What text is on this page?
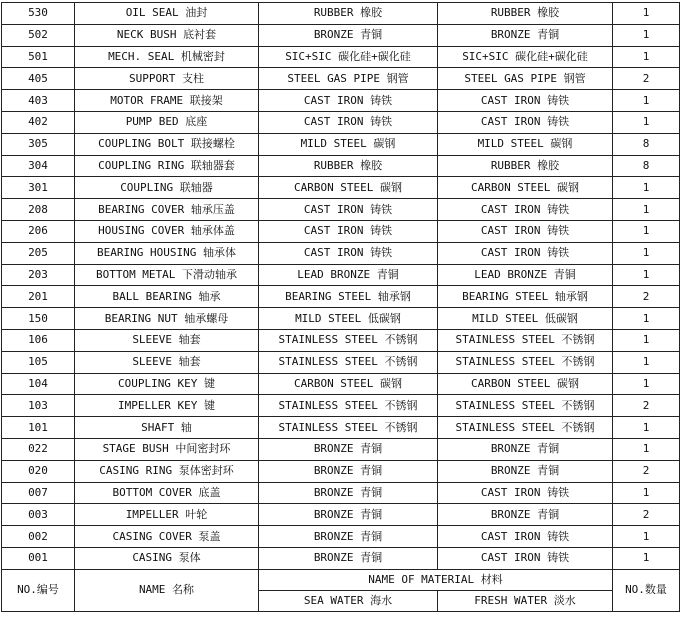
530	OIL SEAL 油封	RUBBER 橡胶	RUBBER 橡胶	1
502	NECK BUSH 底衬套	BRONZE 青铜	BRONZE 青铜	1
501	MECH. SEAL 机械密封	SIC+SIC 碳化硅+碳化硅	SIC+SIC 碳化硅+碳化硅	1
405	SUPPORT 支柱	STEEL GAS PIPE 钢管	STEEL GAS PIPE 钢管	2
403	MOTOR FRAME 联接架	CAST IRON 铸铁	CAST IRON 铸铁	1
402	PUMP BED 底座	CAST IRON 铸铁	CAST IRON 铸铁	1
305	COUPLING BOLT 联接螺栓	MILD STEEL 碳钢	MILD STEEL 碳钢	8
304	COUPLING RING 联轴器套	RUBBER 橡胶	RUBBER 橡胶	8
301	COUPLING 联轴器	CARBON STEEL 碳钢	CARBON STEEL 碳钢	1
208	BEARING COVER 轴承压盖	CAST IRON 铸铁	CAST IRON 铸铁	1
206	HOUSING COVER 轴承体盖	CAST IRON 铸铁	CAST IRON 铸铁	1
205	BEARING HOUSING 轴承体	CAST IRON 铸铁	CAST IRON 铸铁	1
203	BOTTOM METAL 下滑动轴承	LEAD BRONZE 青铜	LEAD BRONZE 青铜	1
201	BALL BEARING 轴承	BEARING STEEL 轴承钢	BEARING STEEL 轴承钢	2
150	BEARING NUT 轴承螺母	MILD STEEL 低碳钢	MILD STEEL 低碳钢	1
106	SLEEVE 轴套	STAINLESS STEEL 不锈钢	STAINLESS STEEL 不锈钢	1
105	SLEEVE 轴套	STAINLESS STEEL 不锈钢	STAINLESS STEEL 不锈钢	1
104	COUPLING KEY 键	CARBON STEEL 碳钢	CARBON STEEL 碳钢	1
103	IMPELLER KEY 键	STAINLESS STEEL 不锈钢	STAINLESS STEEL 不锈钢	2
101	SHAFT 轴	STAINLESS STEEL 不锈钢	STAINLESS STEEL 不锈钢	1
022	STAGE BUSH 中间密封环	BRONZE 青铜	BRONZE 青铜	1
020	CASING RING 泵体密封环	BRONZE 青铜	BRONZE 青铜	2
007	BOTTOM COVER 底盖	BRONZE 青铜	CAST IRON 铸铁	1
003	IMPELLER 叶轮	BRONZE 青铜	BRONZE 青铜	2
002	CASING COVER 泵盖	BRONZE 青铜	CAST IRON 铸铁	1
001	CASING 泵体	BRONZE 青铜	CAST IRON 铸铁	1
NO.编号	NAME 名称	NAME OF MATERIAL 材料		NO.数量
		SEA WATER 海水	FRESH WATER 淡水	
